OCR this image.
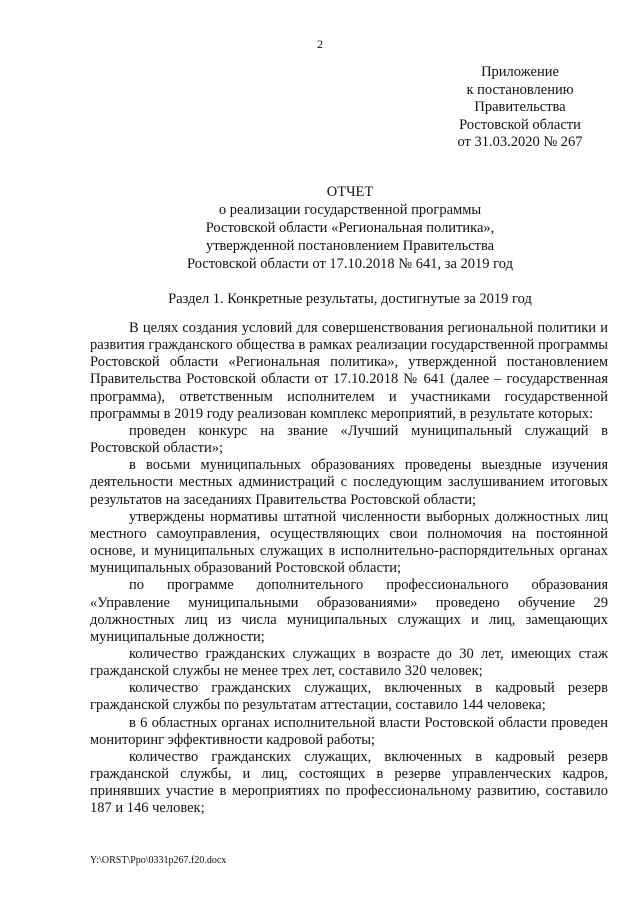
2
Приложение
к постановлению
Правительства
Ростовской области
от 31.03.2020 № 267
ОТЧЕТ
о реализации государственной программы
Ростовской области «Региональная политика»,
утвержденной постановлением Правительства
Ростовской области от 17.10.2018 № 641, за 2019 год
Раздел 1. Конкретные результаты, достигнутые за 2019 год

В целях создания условий для совершенствования региональной политики и развития гражданского общества в рамках реализации государственной программы Ростовской области «Региональная политика», утвержденной постановлением Правительства Ростовской области от 17.10.2018 № 641 (далее – государственная программа), ответственным исполнителем и участниками государственной программы в 2019 году реализован комплекс мероприятий, в результате которых:

проведен конкурс на звание «Лучший муниципальный служащий в Ростовской области»;

в восьми муниципальных образованиях проведены выездные изучения деятельности местных администраций с последующим заслушиванием итоговых результатов на заседаниях Правительства Ростовской области;

утверждены нормативы штатной численности выборных должностных лиц местного самоуправления, осуществляющих свои полномочия на постоянной основе, и муниципальных служащих в исполнительно-распорядительных органах муниципальных образований Ростовской области;

по программе дополнительного профессионального образования «Управление муниципальными образованиями» проведено обучение 29 должностных лиц из числа муниципальных служащих и лиц, замещающих муниципальные должности;

количество гражданских служащих в возрасте до 30 лет, имеющих стаж гражданской службы не менее трех лет, составило 320 человек;

количество гражданских служащих, включенных в кадровый резерв гражданской службы по результатам аттестации, составило 144 человека;

в 6 областных органах исполнительной власти Ростовской области проведен мониторинг эффективности кадровой работы;

количество гражданских служащих, включенных в кадровый резерв гражданской службы, и лиц, состоящих в резерве управленческих кадров, принявших участие в мероприятиях по профессиональному развитию, составило 187 и 146 человек;

Y:\ORST\Ppo\0331p267.f20.docx
